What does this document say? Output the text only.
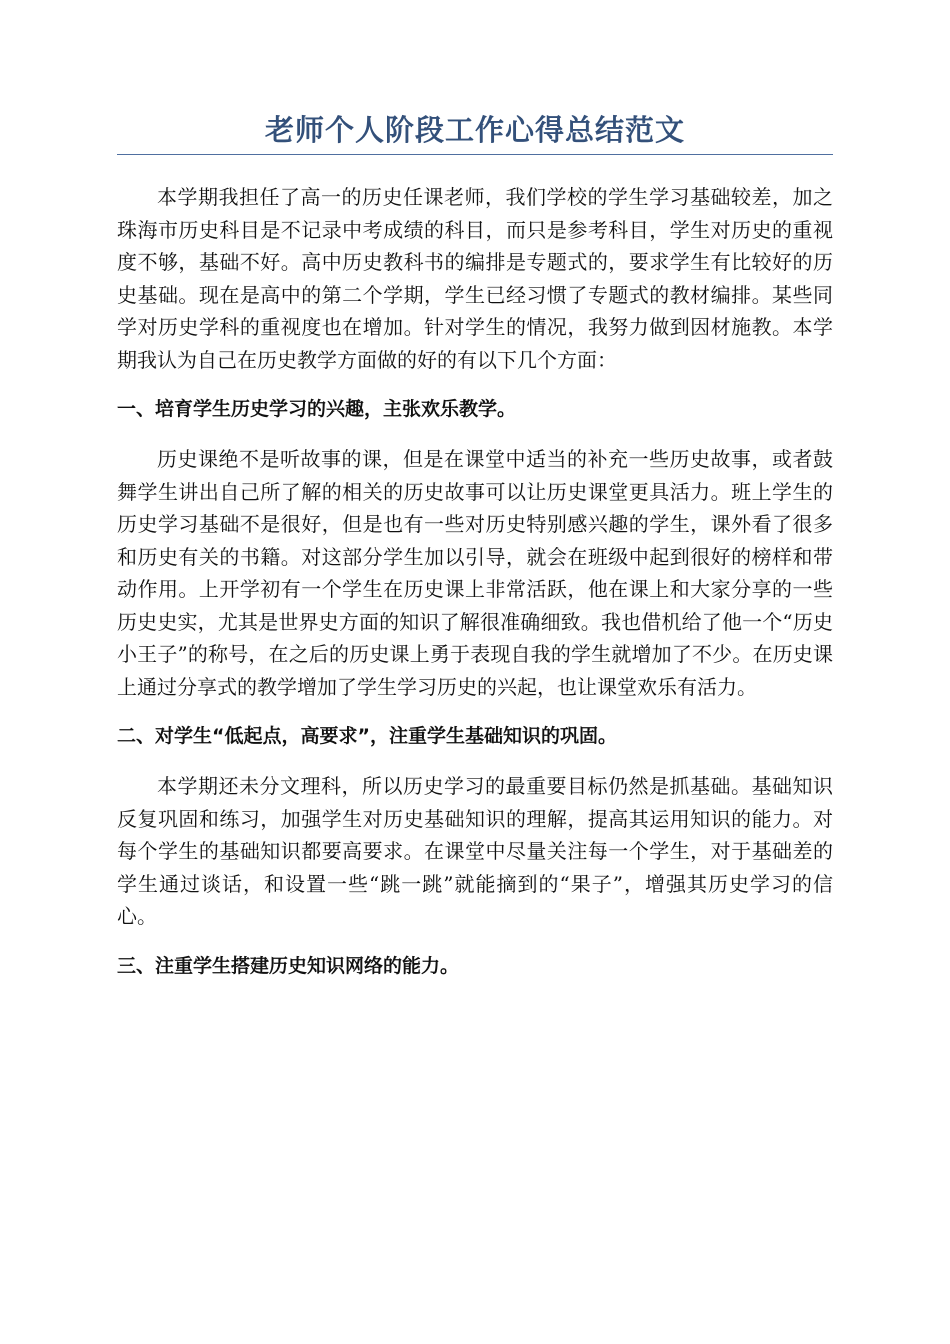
老师个人阶段工作心得总结范文

本学期我担任了高一的历史任课老师，我们学校的学生学习基础较差，加之珠海市历史科目是不记录中考成绩的科目，而只是参考科目，学生对历史的重视度不够，基础不好。高中历史教科书的编排是专题式的，要求学生有比较好的历史基础。现在是高中的第二个学期，学生已经习惯了专题式的教材编排。某些同学对历史学科的重视度也在增加。针对学生的情况，我努力做到因材施教。本学期我认为自己在历史教学方面做的好的有以下几个方面：

一、培育学生历史学习的兴趣，主张欢乐教学。

历史课绝不是听故事的课，但是在课堂中适当的补充一些历史故事，或者鼓舞学生讲出自己所了解的相关的历史故事可以让历史课堂更具活力。班上学生的历史学习基础不是很好，但是也有一些对历史特别感兴趣的学生，课外看了很多和历史有关的书籍。对这部分学生加以引导，就会在班级中起到很好的榜样和带动作用。上开学初有一个学生在历史课上非常活跃，他在课上和大家分享的一些历史史实，尤其是世界史方面的知识了解很准确细致。我也借机给了他一个“历史小王子”的称号，在之后的历史课上勇于表现自我的学生就增加了不少。在历史课上通过分享式的教学增加了学生学习历史的兴起，也让课堂欢乐有活力。

二、对学生“低起点，高要求”，注重学生基础知识的巩固。

本学期还未分文理科，所以历史学习的最重要目标仍然是抓基础。基础知识反复巩固和练习，加强学生对历史基础知识的理解，提高其运用知识的能力。对每个学生的基础知识都要高要求。在课堂中尽量关注每一个学生，对于基础差的学生通过谈话，和设置一些“跳一跳”就能摘到的“果子”，增强其历史学习的信心。

三、注重学生搭建历史知识网络的能力。
